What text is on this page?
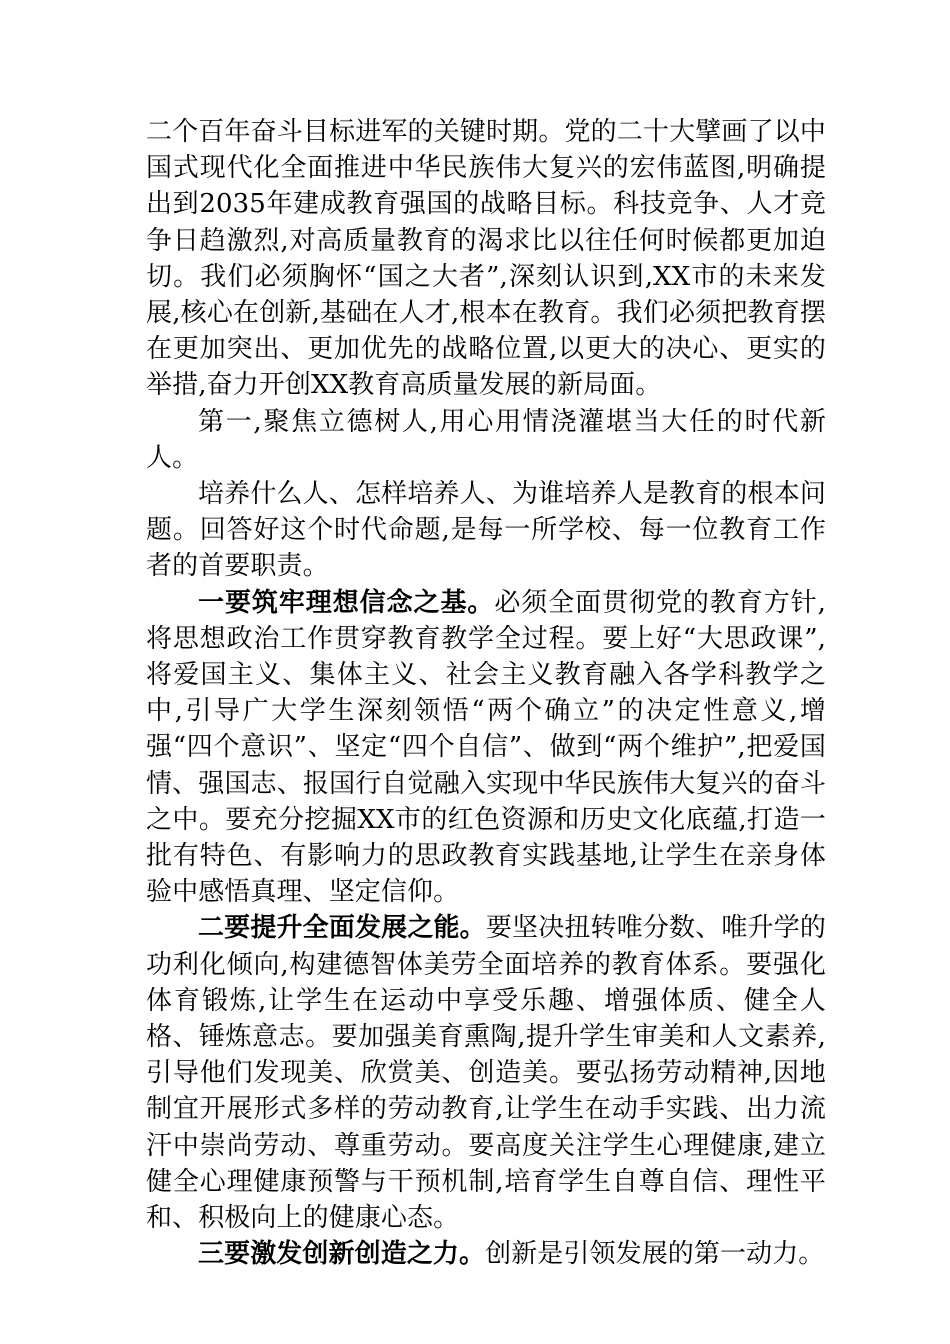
二个百年奋斗目标进军的关键时期。党的二十大擘画了以中国式现代化全面推进中华民族伟大复兴的宏伟蓝图,明确提出到2035年建成教育强国的战略目标。科技竞争、人才竞争日趋激烈,对高质量教育的渴求比以往任何时候都更加迫切。我们必须胸怀“国之大者”,深刻认识到,XX市的未来发展,核心在创新,基础在人才,根本在教育。我们必须把教育摆在更加突出、更加优先的战略位置,以更大的决心、更实的举措,奋力开创XX教育高质量发展的新局面。

第一,聚焦立德树人,用心用情浇灌堪当大任的时代新人。

培养什么人、怎样培养人、为谁培养人是教育的根本问题。回答好这个时代命题,是每一所学校、每一位教育工作者的首要职责。

一要筑牢理想信念之基。必须全面贯彻党的教育方针,将思想政治工作贯穿教育教学全过程。要上好“大思政课”,将爱国主义、集体主义、社会主义教育融入各学科教学之中,引导广大学生深刻领悟“两个确立”的决定性意义,增强“四个意识”、坚定“四个自信”、做到“两个维护”,把爱国情、强国志、报国行自觉融入实现中华民族伟大复兴的奋斗之中。要充分挖掘XX市的红色资源和历史文化底蕴,打造一批有特色、有影响力的思政教育实践基地,让学生在亲身体验中感悟真理、坚定信仰。

二要提升全面发展之能。要坚决扭转唯分数、唯升学的功利化倾向,构建德智体美劳全面培养的教育体系。要强化体育锻炼,让学生在运动中享受乐趣、增强体质、健全人格、锤炼意志。要加强美育熏陶,提升学生审美和人文素养,引导他们发现美、欣赏美、创造美。要弘扬劳动精神,因地制宜开展形式多样的劳动教育,让学生在动手实践、出力流汗中崇尚劳动、尊重劳动。要高度关注学生心理健康,建立健全心理健康预警与干预机制,培育学生自尊自信、理性平和、积极向上的健康心态。

三要激发创新创造之力。创新是引领发展的第一动力。
